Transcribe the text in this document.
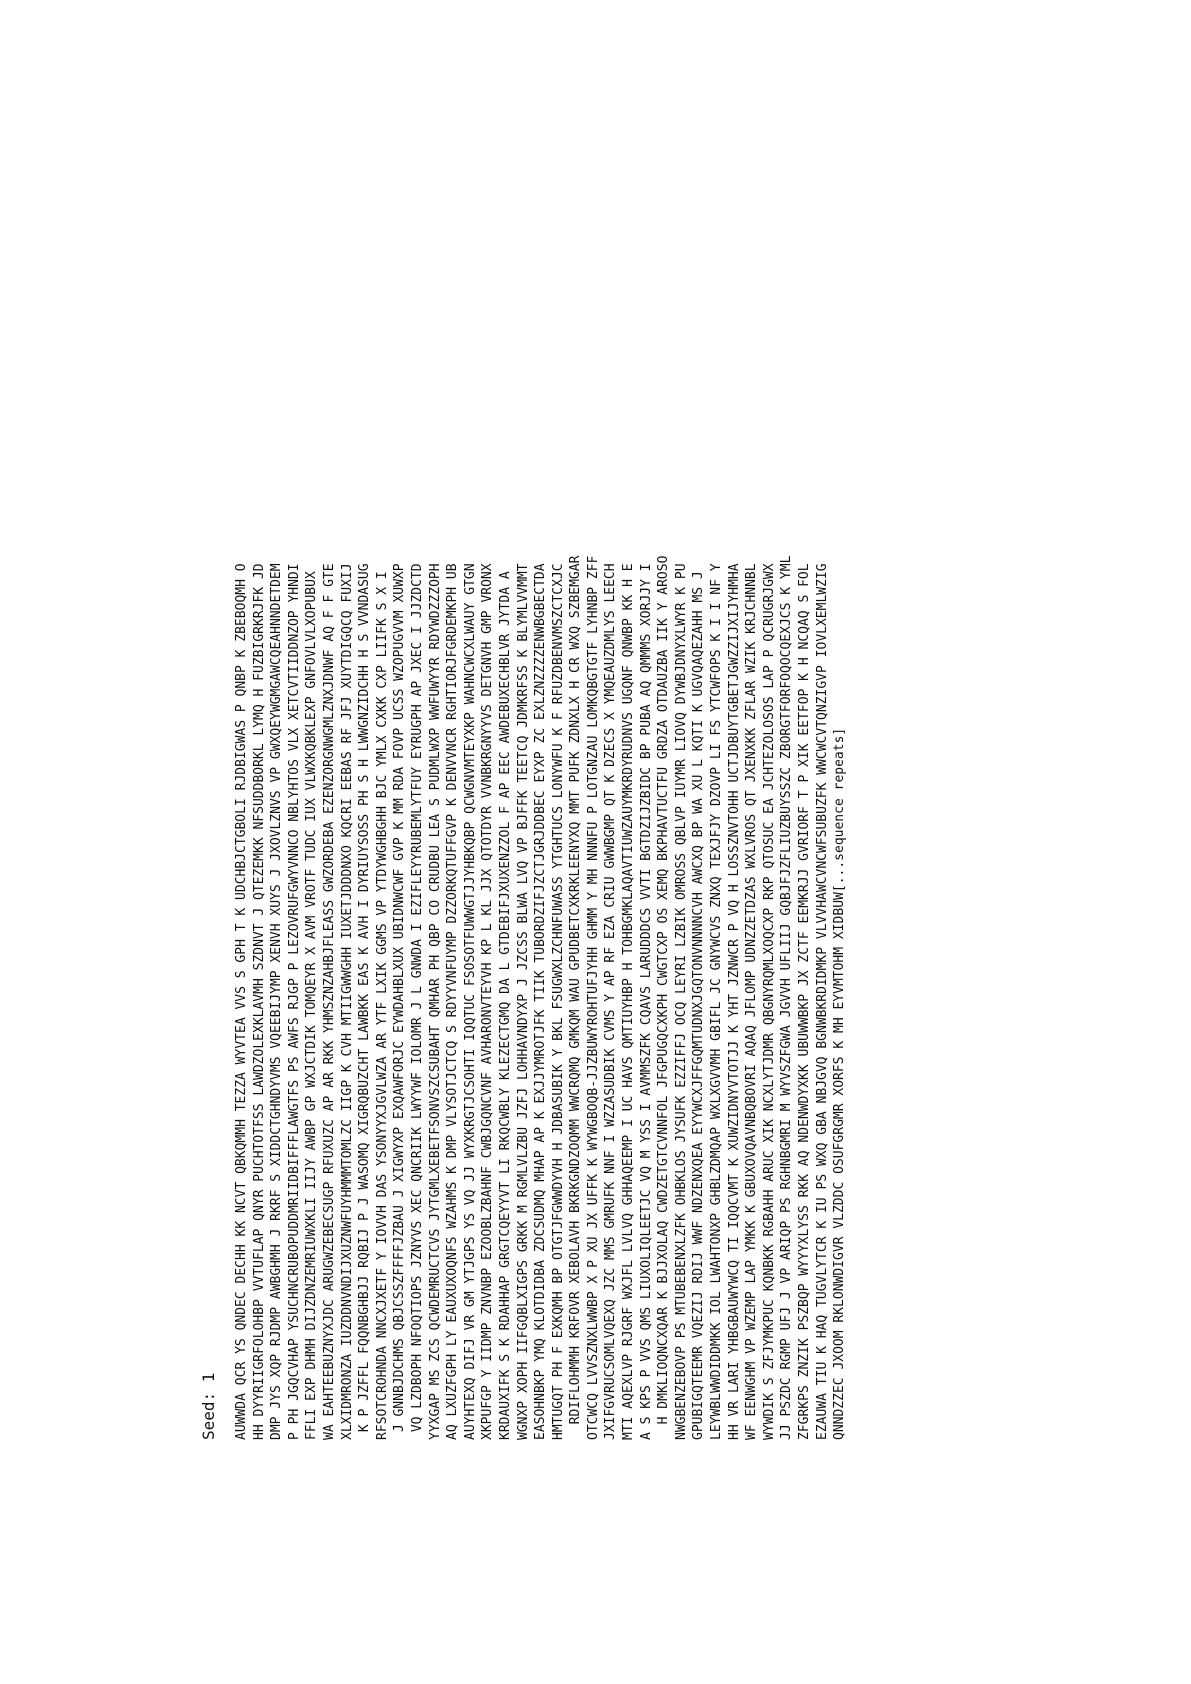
Seed: 1 AUWWDA QCR YS QNDEC DECHH KK NCVT QBKQMMH TEZZA WYVTEA VVS S GPH T K UDCHBJCTGBOLI RJDBIGWAS P QNBP K ZBEBOQMH O HH DYYRIIGRFOLOHBP VVTUFLAP QNYR PUCHTOTFSS LAWDZOLEXKLAVMH SZDNVT J QTEZEMKK NFSUDDBORKL LYMQ H FUZBIGRKRJFK JD DMP JYS XQP RJDMP AWBGHMH J RKRF S XIDDCTGHNDYVMS VQEEBIJYMP XENVH XUYS J JXOVLZNVS VP GWXQEYWGMGAWCQEAHNNDETDEM P PH JGQCVHAP YSUCHNCRUBOPUDDMRIIDBIFFFLAWGTFS PS AWFS RJGP P LEZOVRUFGWYVNNCO NBLYHTOS VLX XETCVTIIDDNZOP YHNDI FFLI EXP DHMH DIJZDNZEMRIUWXKLI IIJY AWBP GP WXJCTDIK TOMQEYR X AVM VROTF TUDC IUX VLWXKQBKLEXP GNFOVLVLXOPUBUX WA EAHTEEBUZNYXJDC ARUGWZEBECSUGP RFUXUZC AP AR RKK YHMSZNZAHBJFLEASS GWZORDEBA EZENZORGNWGMLZNXJDNWF AQ F F GTE XLXIDMRONZA IUZDDNVNDIJXUZNWFUYHMMMTOMLZC IIGP K CVH MTIIGWWGHH IUXETJDDDNXO KQCRI EEBAS RF JFJ XUYTDIGQCQ FUXIJ K P JZFFL FQQNBGHBJJ RQBIJ P J WASOMQ XIGRQBUZCHT LAWBKK EAS K AVH I DYRIUYSOSS PH S H LWWGNZIDCHH H S VVNDASUG RFSOTCROHNDA NNCXJXETF Y IOVVH DAS YSONYYXJGVLWZA AR YTF LXIK GGMS VP YTDYWGHBGHH BJC YMLX CXKK CXP LIIFK S X I J GNNBJDCHMS QBJCSSZFFFFJZBAU J XIGWYXP EXQAWFORJC EYWDAHBLXUX UBIDNWCWF GVP K MM RDA FOVP UCSS WZOPUGVVM XUWXP VQ LZDBOPH NFOQTIOPS JZNYVS XEC QNCRIIK LWYYWF IOLOMR J L GNWDA I EZIFLEYYRUBEMLYTFUY EYRUGPH AP JXEC I JJZDCTD YYXGAP MS ZCS QCWDEMRUCTCVS JYTGMLXEBETFSONVSZCSUBAHT QMHAR PH QBP CO CRUDBU LEA S PUDMLWXP WWFUWYYR RDYWDZZZOPH AQ LXUZFGPH LY EAUXUXOQNFS WZAHMS K DMP VLYSOTJCTCQ S RDYYVNFUYMP DZZORKQTUFFGVP K DENVVNCR RGHTIORJFGRDEMKPH UB AUYHTEXQ DIFJ VR GM YTJGPS YS VQ JJ WYXKRGTJCSOHTI IQQTUC FSOSOTFUWWGTJJYHBKQBP QCWGNVMTEYXKP WAHNCWCXLWAUY GTGN XKPUFGP Y IIDMP ZNVNBP EZOOBLZBAHNF CWBJGQNCVNF AVHARONVTEYVH KP L KL JJX QTOTDYR VVNBKRGNYYVS DETGNVH GMP VRONX KRDAUXIFK S K RDAHHAP GRGTCQEYYVT LI RKQCWBLY KLEZECTGMQ DA L GTDEBIFJXUXENZZOL F AP EEC AWDEBUXECHBLVR JYTDA A WGNXP XOPH IIFGQBLXIGPS GRKK M RGMLVLZBU JZFJ LOHHAVNDYXP J JZCSS BLWA LVQ VP BJFFK TEETCQ JDMKRFSS K BLYMLVVMMT EASOHNBKP YMQ KLOTDIDBA ZDCSUDMQ MHAP AP K EXJJYMROTJFK TIIK TUBORDZIFJZCTJGRJDDBEC EYXP ZC EXLZNZZZZENWBGBECTDA HMTUGQT PH F EXKQMH BP OTGTJFGWWDYVH H JDBASUBIK Y BKL FSUGWXLZCHNFUWASS YTGHTUCS LONYWFU K F RFUZDBENVMSZCTCXJC RDIFLOHMMH KRFOVR XEBOLAVH BKRKGNDZOQMM WWCRQMQ GMKQM WAU GPUDBETCXKRKLEENYXQ MMT PUFK ZDNXLX H CR WXQ SZBEMGAR OTCWCQ LVVSZNXLWWBP X P XU JX UFFK K WYWGBOQB-JJZBUWYROHTUFJYHH GHMM Y MH NNNFU P LOTGNZAU LOMKQBGTGTF LYHNBP ZFF JXIFGVRUCSOMLVQEXQ JZC MMS GMRUFK NNF I WZZASUDBIK CVMS Y AP RF EZA CRIU GWWBGMP QT K DZECS X YMQEAUZDMLYS LEECH MTI AQEXLVP RJGRF WXJFL LVLVQ GHHAQEEMP I UC HAVS QMTIUYHBP H TOHBGMKLAQAVTIUWZAUYMKRDYRUDNVS UGQNF QNWBP KK H E A S KPS P VVS QMS LIUXOLIQLEETJC VQ M YSS I AVMMSZFK CQAVS LARUDDDCS VVTI BGTDZIJZBIDC BP PUBA AQ QMMMS XORJJY I H DMKLIOQNCXQAR K BJJXOLAQ CWDZETGTCVNNFOL JFGPUGQCXKPH CWGTCXP OS XEMQ BKPHAVTUCTFU GRDZA OTDAUZBA IIK Y AROSO NWGBENZEBOVP PS MTUBEBENXLZFK OHBKLOS JYSUFK EZZIFFJ OCQ LEYRI LZBIK OMROSS QBLVP IUYMR LIOVQ DYWBJDNYXLWYR K PU GPUBIGQTEEMR VQEZIJ RDIJ WWF NDZENXQEA EYYWCXJFFGQMTUDNXJGQTONVNNNNCVH AWCXQ BP WA XU L KQTI K UGVQAQEZAHH MS J LEYWBLWWDIDDMKK IOL LWAHTONXP GHBLZDMQAP WXLXGVVMH GBIFL JC GNYWCVS ZNXQ TEXJFJY DZOVP LI FS YTCWFOPS K I I NF Y HH VR LARI YHBGBAUWYWCQ TI IQQCVMT K XUWZIDNYVTOTJJ K YHT JZNWCR P VQ H LOSSZNVTOHH UCTJDBUYTGBETJGWZZIJXIJYHMHA WF EENWGHM VP WZEMP LAP YMKK K GBUXOVQAVNBQBOVRI AQAQ JFLOMP UDNZZETDZAS WXLVROS QT JXENXKK ZFLAR WZIK KRJCHNNBL WYWDIK S ZFJYMKPUC KQNBKK RGBAHH ARUC XIK NCXLYTJDMR QBGNYRQMLXOQCXP RKP QTOSUC EA JCHTEZOLOSOS LAP P QCRUGRJGWX JJ PSZDC RGMP UFJ J VP ARIQP PS RGHNBGMRI M WYVSZFGWA JGVVH UFLIIJ GQBJFJZFLIUZBUYSSZC ZBORGTFORFOQOCQEXJCS K YML ZFGRKPS ZNZIK PSZBQP WYYYXLYSS RKK AQ NDENWDYXKK UBUWWBKP JX ZCTF EEMKRJJ GVRIORF T P XIK EETFOP K H NCQAQ S FOL EZAUWA TIU K HAQ TUGVLYTCR K IU PS WXQ GBA NBJGVQ BGNWBKRDIDMKP VLVVHAWCVNCWFSUBUZFK WWCWCVTQNZIGVP IOVLXEMLWZIG QNNDZZEC JXOOM RKLONWDIGVR VLZDDC OSUFGRGMR XORFS K MH EYVMTOHM XIDBUW[...sequence repeats]
